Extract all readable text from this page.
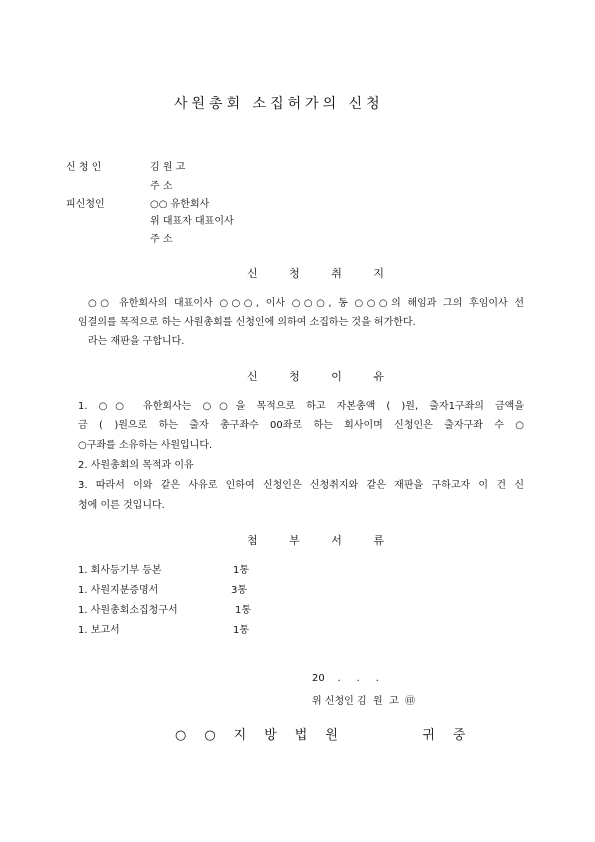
사원총회 소집허가의 신청
신 청 인	김 원 고
주 소
피신청인	○○ 유한회사
위 대표자 대표이사
주 소
신 청 취 지
○○ 유한회사의 대표이사 ○○○, 이사 ○○○, 동 ○○○의 해임과 그의 후임이사 선
임결의를 목적으로 하는 사원총회를 신청인에 의하여 소집하는 것을 허가한다.
라는 재판을 구합니다.
신 청 이 유
1. ○○ 유한회사는 ○○을 목적으로 하고 자본총액 ( )원, 출자1구좌의 금액을
금 ( )원으로 하는 출자 총구좌수 00좌로 하는 회사이며 신청인은 출자구좌 수 ○
○구좌를 소유하는 사원입니다.
2. 사원총회의 목적과 이유
3. 따라서 이와 같은 사유로 인하여 신청인은 신청취지와 같은 재판을 구하고자 이 건 신
청에 이른 것입니다.
첨 부 서 류
1. 회사등기부 등본	1통
1. 사원지분증명서	3통
1. 사원총회소집청구서	1통
1. 보고서	1통
20    .     .     .
위 신청인 김  원  고  ㊞
○○지방법원   귀중
